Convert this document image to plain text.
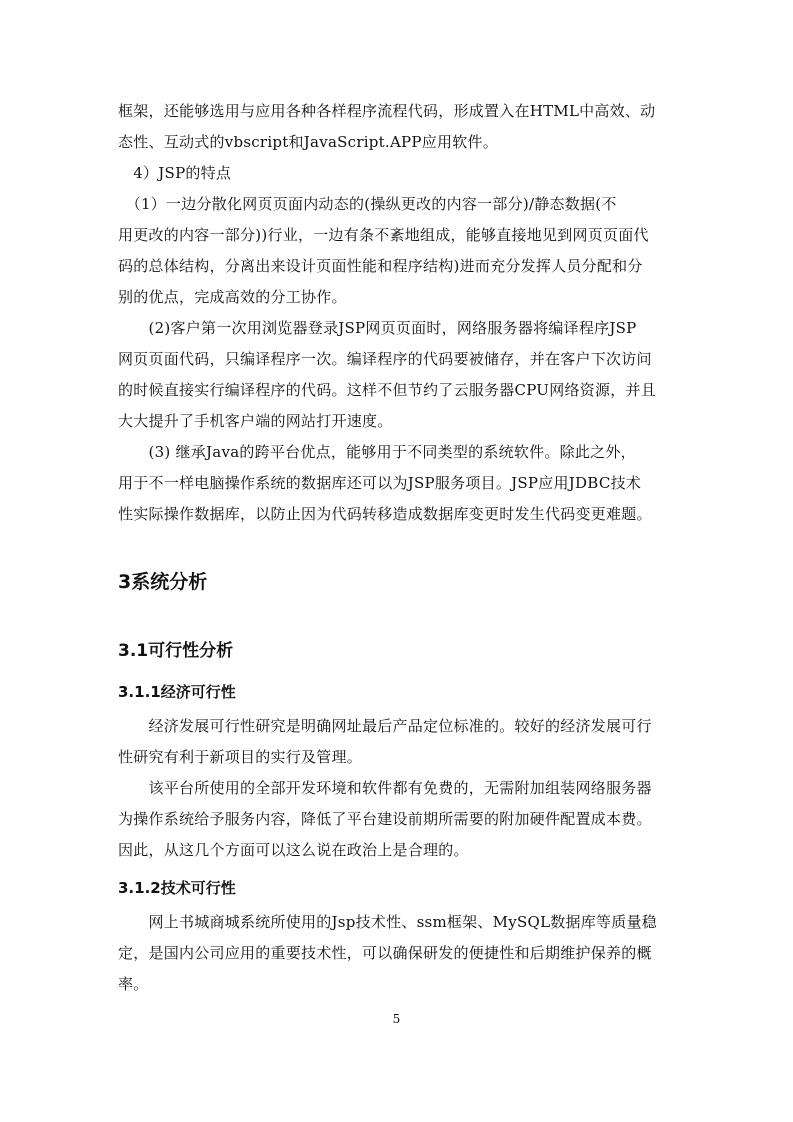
框架，还能够选用与应用各种各样程序流程代码，形成置入在HTML中高效、动
态性、互动式的vbscript和JavaScript.APP应用软件。
　4）JSP的特点
　（1）一边分散化网页页面内动态的(操纵更改的内容一部分)/静态数据(不
用更改的内容一部分))行业，一边有条不紊地组成，能够直接地见到网页页面代
码的总体结构，分离出来设计页面性能和程序结构)进而充分发挥人员分配和分
别的优点，完成高效的分工协作。
　　(2)客户第一次用浏览器登录JSP网页页面时，网络服务器将编译程序JSP
网页页面代码，只编译程序一次。编译程序的代码要被储存，并在客户下次访问
的时候直接实行编译程序的代码。这样不但节约了云服务器CPU网络资源，并且
大大提升了手机客户端的网站打开速度。
　　(3) 继承Java的跨平台优点，能够用于不同类型的系统软件。除此之外，
用于不一样电脑操作系统的数据库还可以为JSP服务项目。JSP应用JDBC技术
性实际操作数据库，以防止因为代码转移造成数据库变更时发生代码变更难题。
3系统分析
3.1可行性分析
3.1.1经济可行性
　　经济发展可行性研究是明确网址最后产品定位标准的。较好的经济发展可行
性研究有利于新项目的实行及管理。
　　该平台所使用的全部开发环境和软件都有免费的，无需附加组装网络服务器
为操作系统给予服务内容，降低了平台建设前期所需要的附加硬件配置成本费。
因此，从这几个方面可以这么说在政治上是合理的。
3.1.2技术可行性
　　网上书城商城系统所使用的Jsp技术性、ssm框架、MySQL数据库等质量稳
定，是国内公司应用的重要技术性，可以确保研发的便捷性和后期维护保养的概
率。
5
